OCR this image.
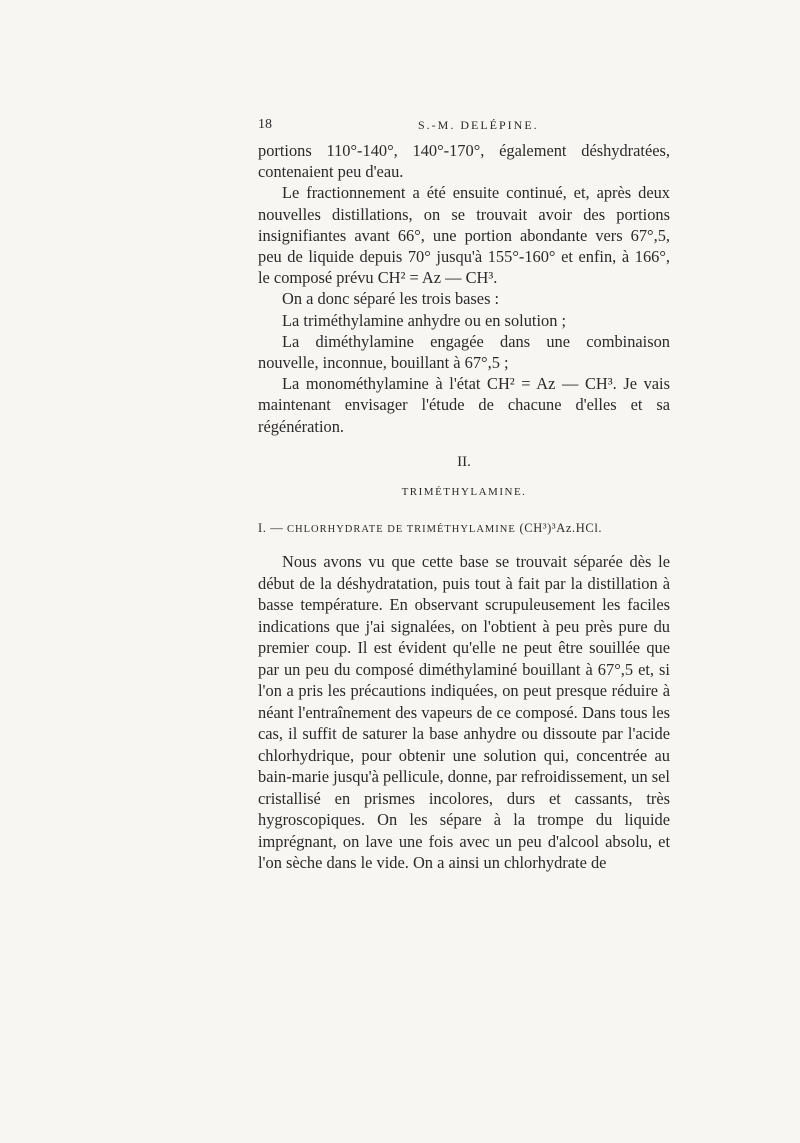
18	S.-M. DELÉPINE.

portions 110°-140°, 140°-170°, également déshydratées, contenaient peu d'eau.

Le fractionnement a été ensuite continué, et, après deux nouvelles distillations, on se trouvait avoir des portions insignifiantes avant 66°, une portion abondante vers 67°,5, peu de liquide depuis 70° jusqu'à 155°-160° et enfin, à 166°, le composé prévu CH² = Az — CH³.

On a donc séparé les trois bases :

La triméthylamine anhydre ou en solution ;

La diméthylamine engagée dans une combinaison nouvelle, inconnue, bouillant à 67°,5 ;

La monométhylamine à l'état CH² = Az — CH³. Je vais maintenant envisager l'étude de chacune d'elles et sa régénération.

II.
TRIMÉTHYLAMINE.
I. — CHLORHYDRATE DE TRIMÉTHYLAMINE (CH³)³Az.HCl.

Nous avons vu que cette base se trouvait séparée dès le début de la déshydratation, puis tout à fait par la distillation à basse température. En observant scrupuleusement les faciles indications que j'ai signalées, on l'obtient à peu près pure du premier coup. Il est évident qu'elle ne peut être souillée que par un peu du composé diméthylaminé bouillant à 67°,5 et, si l'on a pris les précautions indiquées, on peut presque réduire à néant l'entraînement des vapeurs de ce composé. Dans tous les cas, il suffit de saturer la base anhydre ou dissoute par l'acide chlorhydrique, pour obtenir une solution qui, concentrée au bain-marie jusqu'à pellicule, donne, par refroidissement, un sel cristallisé en prismes incolores, durs et cassants, très hygroscopiques. On les sépare à la trompe du liquide imprégnant, on lave une fois avec un peu d'alcool absolu, et l'on sèche dans le vide. On a ainsi un chlorhydrate de
